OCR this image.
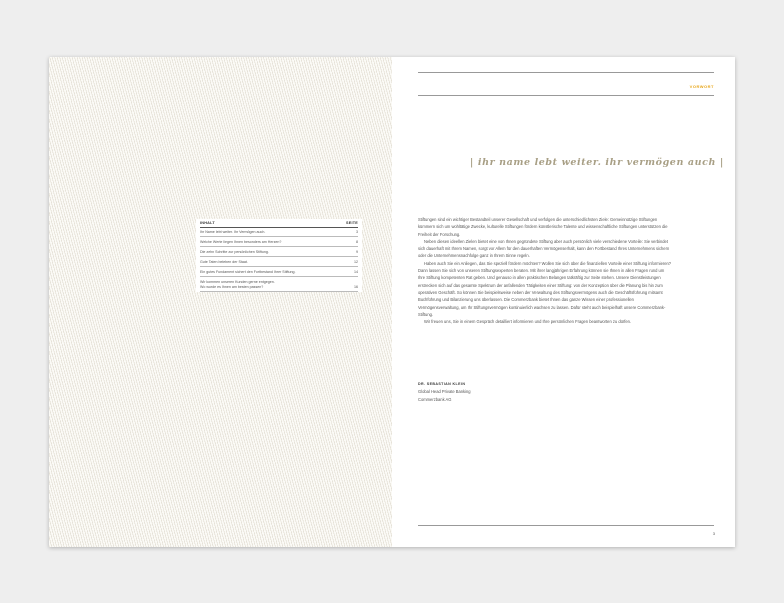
INHALT	SEITE
Ihr Name lebt weiter. Ihr Vermögen auch.	3
Welche Werte liegen Ihnen besonders am Herzen?	8
Die zehn Schritte zur persönlichen Stiftung.	9
Gute Taten beleben der Staat.	12
Ein gutes Fundament sichert den Fortbestand Ihrer Stiftung.	14
Wir kommen unseren Kunden gerne entgegen.
Wo wurde es Ihnen am besten passen?	16
VORWORT
| ihr name lebt weiter. ihr vermögen auch |

Stiftungen sind ein wichtiger Bestandteil unserer Gesellschaft und verfolgen die unterschiedlichsten Ziele: Gemeinnützige Stiftungen kümmern sich um wohltätige Zwecke, kulturelle Stiftungen fördern künstlerische Talente und wissenschaftliche Stiftungen unterstützen die Freiheit der Forschung.

Neben diesen ideellen Zielen bietet eine von Ihnen gegründete Stiftung aber auch persönlich viele verschiedene Vorteile: Sie verbindet sich dauerhaft mit Ihrem Namen, sorgt vor Allem für den dauerhaften Vermögenserhalt, kann den Fortbestand Ihres Unternehmens sichern oder die Unternehmensnachfolge ganz in Ihrem Sinne regeln.

Haben auch Sie ein Anliegen, das Sie speziell fördern möchten? Wollen Sie sich über die finanziellen Vorteile einer Stiftung informieren? Dann lassen Sie sich von unseren Stiftungsexperten beraten. Mit ihrer langjährigen Erfahrung können sie Ihnen in allen Fragen rund um Ihre Stiftung kompetenten Rat geben. Und genauso in allen praktischen Belangen tatkräftig zur Seite stehen. Unsere Dienstleistungen erstrecken sich auf das gesamte Spektrum der anfallenden Tätigkeiten einer Stiftung: von der Konzeption über die Planung bis hin zum operativen Geschäft. So können Sie beispielsweise neben der Verwaltung des Stiftungsvermögens auch die Geschäftsführung mitsamt Buchführung und Bilanzierung uns überlassen. Die Commerzbank bietet Ihnen das ganze Wissen einer professionellen Vermögensverwaltung, um Ihr Stiftungsvermögen kontinuierlich wachsen zu lassen. Dafür steht auch beispielhaft unsere Commerzbank-Stiftung.

Wir freuen uns, Sie in einem Gespräch detailliert informieren und Ihre persönlichen Fragen beantworten zu dürfen.

DR. SEBASTIAN KLEIN
Global Head Private Banking
Commerzbank AG
3
